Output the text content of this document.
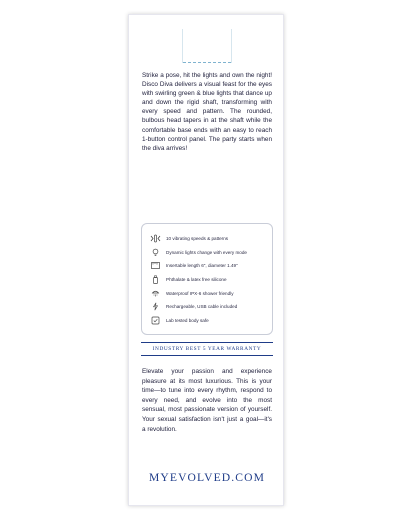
Strike a pose, hit the lights and own the night! Disco Diva delivers a visual feast for the eyes with swirling green & blue lights that dance up and down the rigid shaft, transforming with every speed and pattern. The rounded, bulbous head tapers in at the shaft while the comfortable base ends with an easy to reach 1-button control panel. The party starts when the diva arrives!

10 vibrating speeds & patterns
Dynamic lights change with every mode
Insertable length 6", diameter 1.49"
Phthalate & latex free silicone
Waterproof IPX-6 shower friendly
Rechargeable, USB cable included
Lab tested body safe
INDUSTRY BEST 5 YEAR WARRANTY

Elevate your passion and experience pleasure at its most luxurious. This is your time—to tune into every rhythm, respond to every need, and evolve into the most sensual, most passionate version of yourself. Your sexual satisfaction isn't just a goal—it's a revolution.

MYEVOLVED.COM
